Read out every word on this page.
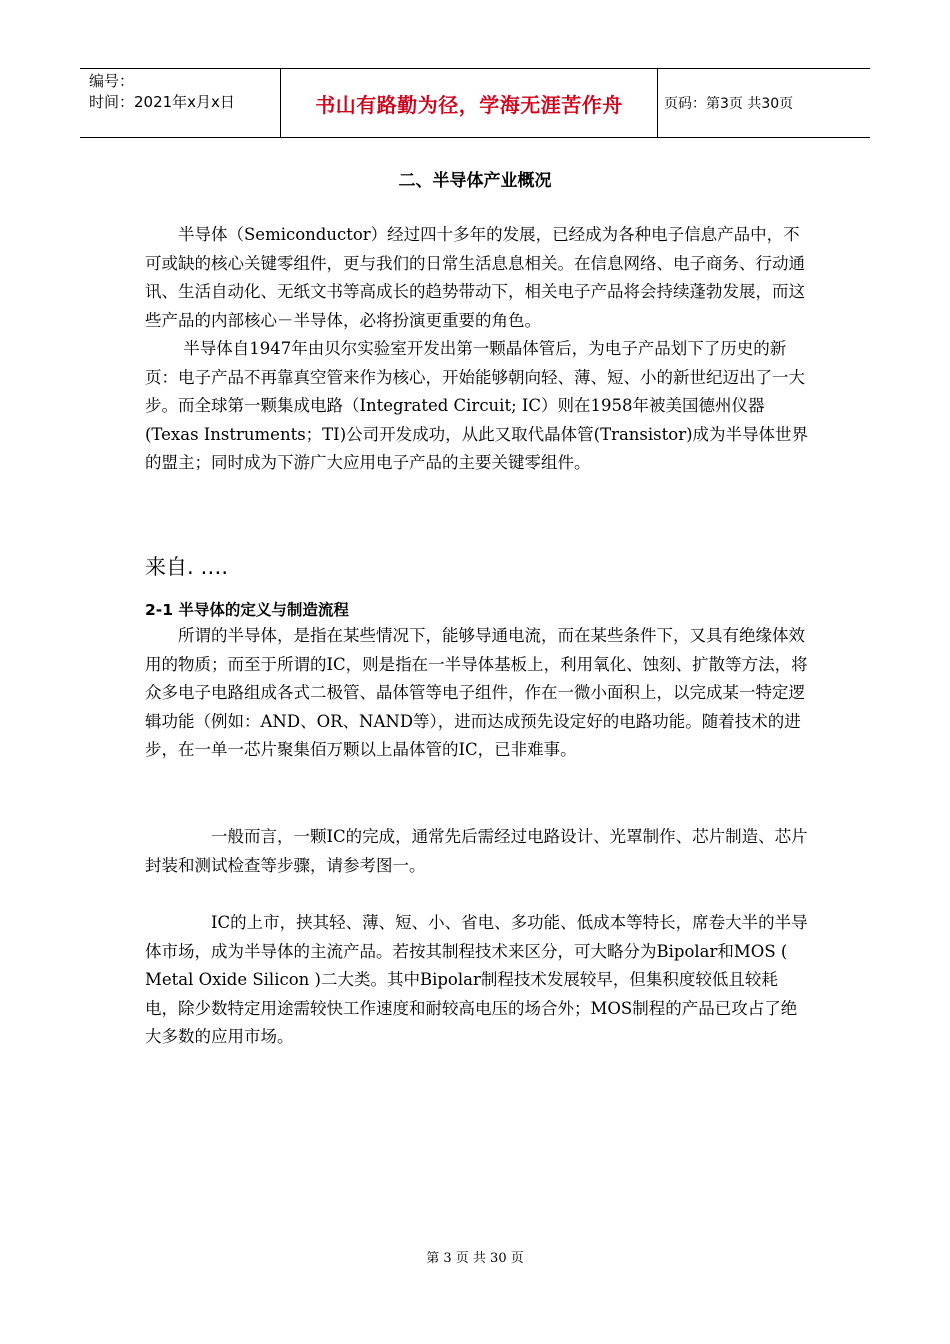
编号：
时间：2021年x月x日	书山有路勤为径，学海无涯苦作舟	页码：第3页 共30页
二、半导体产业概况

　　半导体（Semiconductor）经过四十多年的发展，已经成为各种电子信息产品中，不可或缺的核心关键零组件，更与我们的日常生活息息相关。在信息网络、电子商务、行动通讯、生活自动化、无纸文书等高成长的趋势带动下，相关电子产品将会持续蓬勃发展，而这些产品的内部核心－半导体，必将扮演更重要的角色。

　　 半导体自1947年由贝尔实验室开发出第一颗晶体管后，为电子产品划下了历史的新页：电子产品不再靠真空管来作为核心，开始能够朝向轻、薄、短、小的新世纪迈出了一大步。而全球第一颗集成电路（Integrated Circuit; IC）则在1958年被美国德州仪器(Texas Instruments；TI)公司开发成功，从此又取代晶体管(Transistor)成为半导体世界的盟主；同时成为下游广大应用电子产品的主要关键零组件。

来自. ….
2-1 半导体的定义与制造流程
　　所谓的半导体，是指在某些情况下，能够导通电流，而在某些条件下，又具有绝缘体效用的物质；而至于所谓的IC，则是指在一半导体基板上，利用氧化、蚀刻、扩散等方法，将众多电子电路组成各式二极管、晶体管等电子组件，作在一微小面积上，以完成某一特定逻辑功能（例如：AND、OR、NAND等），进而达成预先设定好的电路功能。随着技术的进步，在一单一芯片聚集佰万颗以上晶体管的IC，已非难事。
　　　　一般而言，一颗IC的完成，通常先后需经过电路设计、光罩制作、芯片制造、芯片封装和测试检查等步骤，请参考图一。
　　　　IC的上市，挟其轻、薄、短、小、省电、多功能、低成本等特长，席卷大半的半导体市场，成为半导体的主流产品。若按其制程技术来区分，可大略分为Bipolar和MOS ( Metal Oxide Silicon )二大类。其中Bipolar制程技术发展较早，但集积度较低且较耗电，除少数特定用途需较快工作速度和耐较高电压的场合外；MOS制程的产品已攻占了绝大多数的应用市场。
第 3 页 共 30 页
